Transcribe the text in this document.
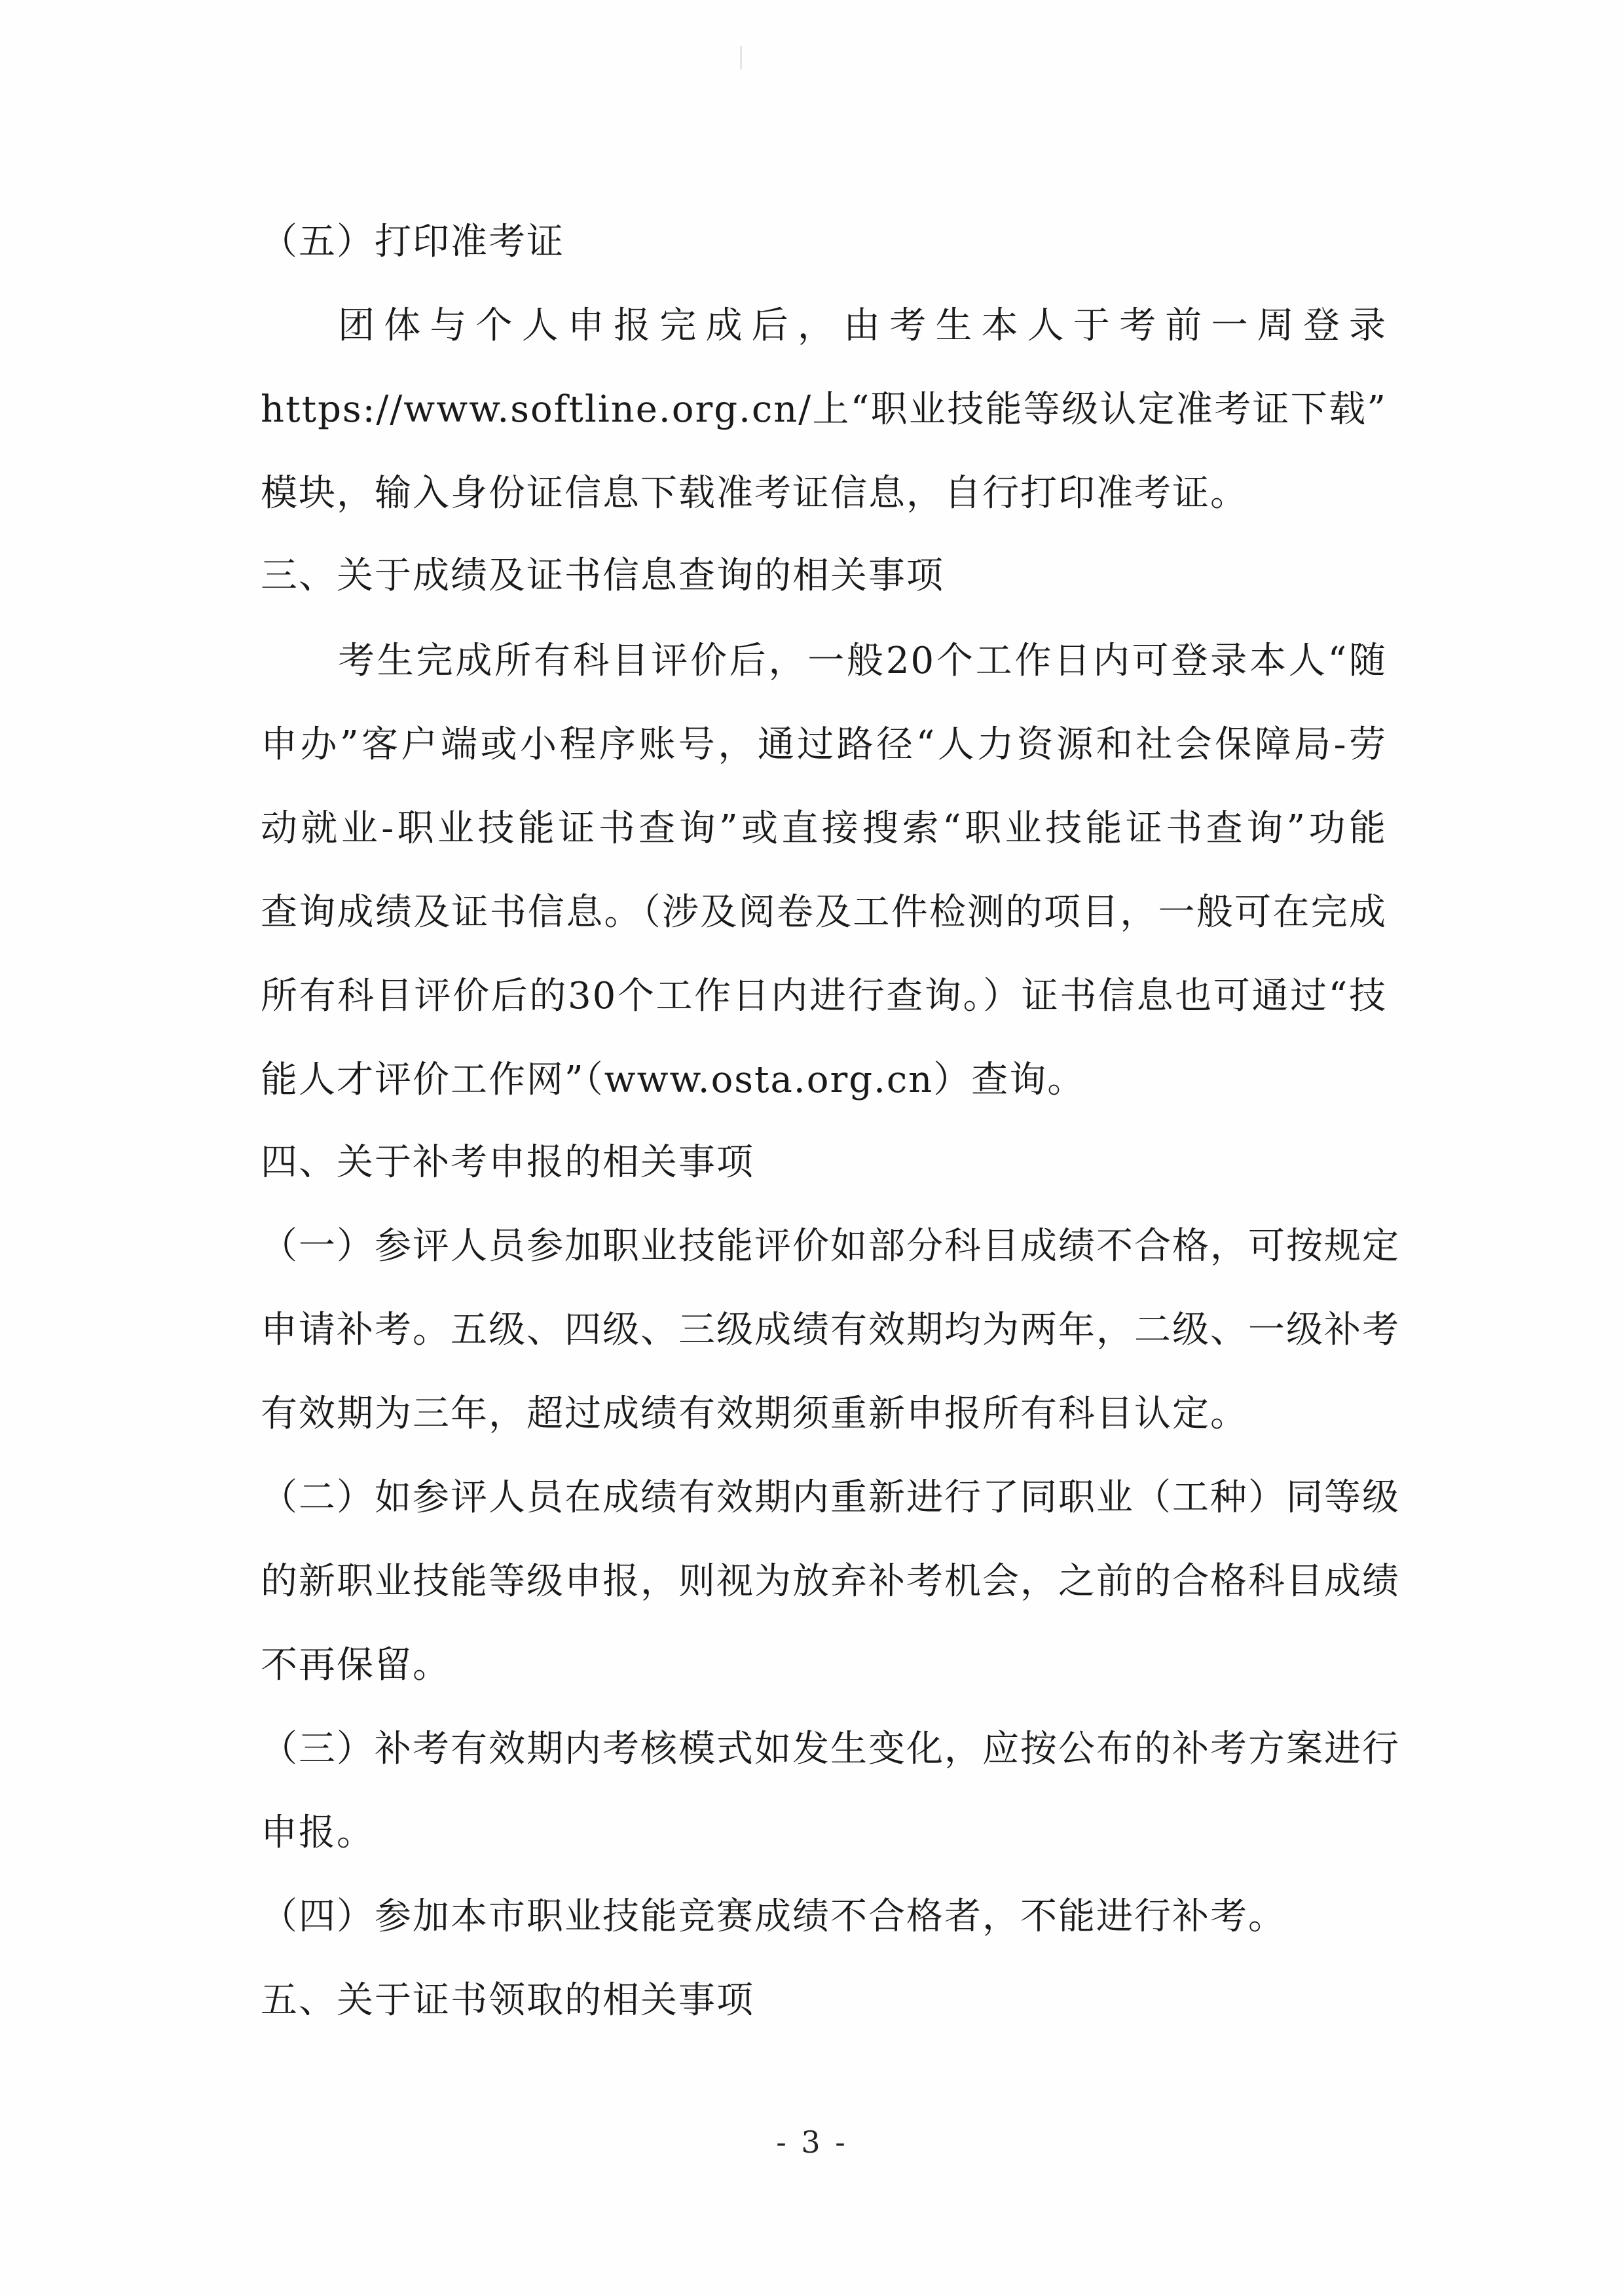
（五）打印准考证
团体与个人申报完成后，由考生本人于考前一周登录
https://www.softline.org.cn/上“职业技能等级认定准考证下载”
模块，输入身份证信息下载准考证信息，自行打印准考证。
三、关于成绩及证书信息查询的相关事项
考生完成所有科目评价后，一般20个工作日内可登录本人“随
申办”客户端或小程序账号，通过路径“人力资源和社会保障局-劳
动就业-职业技能证书查询”或直接搜索“职业技能证书查询”功能
查询成绩及证书信息。（涉及阅卷及工件检测的项目，一般可在完成
所有科目评价后的30个工作日内进行查询。）证书信息也可通过“技
能人才评价工作网”（www.osta.org.cn）查询。
四、关于补考申报的相关事项
（一）参评人员参加职业技能评价如部分科目成绩不合格，可按规定
申请补考。五级、四级、三级成绩有效期均为两年，二级、一级补考
有效期为三年，超过成绩有效期须重新申报所有科目认定。
（二）如参评人员在成绩有效期内重新进行了同职业（工种）同等级
的新职业技能等级申报，则视为放弃补考机会，之前的合格科目成绩
不再保留。
（三）补考有效期内考核模式如发生变化，应按公布的补考方案进行
申报。
（四）参加本市职业技能竞赛成绩不合格者，不能进行补考。
五、关于证书领取的相关事项
- 3 -
